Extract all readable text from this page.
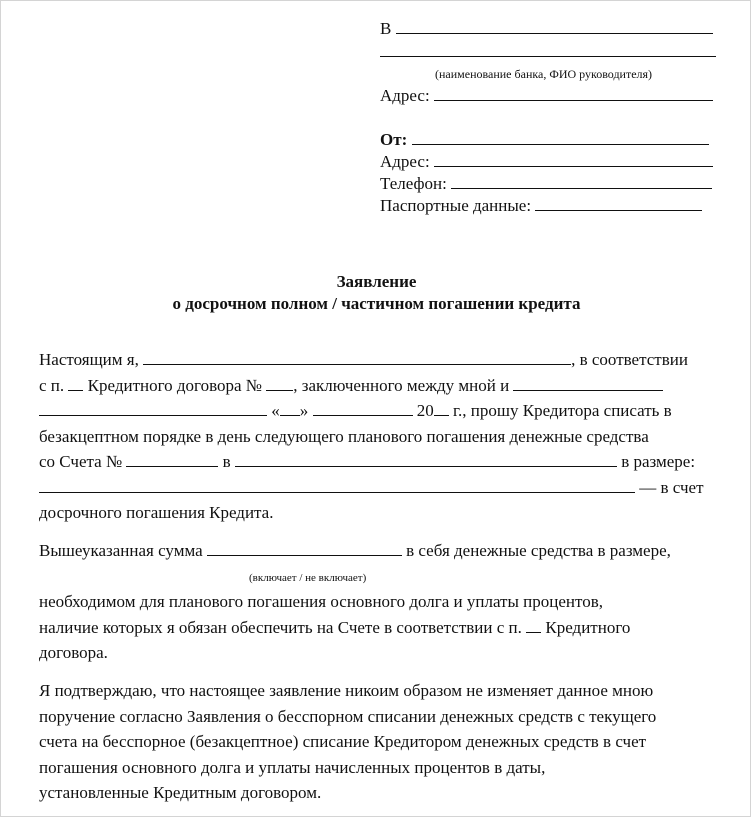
В
(наименование банка, ФИО руководителя)
Адрес:
От:
Адрес:
Телефон:
Паспортные данные:
Заявление
о досрочном полном / частичном погашении кредита
Настоящим я,	, в соответствии
с п. Кредитного договора № , заключенного между мной и
« »	20 г., прошу Кредитора списать в
безакцептном порядке в день следующего планового погашения денежные средства
со Счета №	в	в размере:
— в счет
досрочного погашения Кредита.
Вышеуказанная сумма	в себя денежные средства в размере,
(включает / не включает)
необходимом для планового погашения основного долга и уплаты процентов,
наличие которых я обязан обеспечить на Счете в соответствии с п. Кредитного
договора.
Я подтверждаю, что настоящее заявление никоим образом не изменяет данное мною
поручение согласно Заявления о бесспорном списании денежных средств с текущего
счета на бесспорное (безакцептное) списание Кредитором денежных средств в счет
погашения основного долга и уплаты начисленных процентов в даты,
установленные Кредитным договором.
